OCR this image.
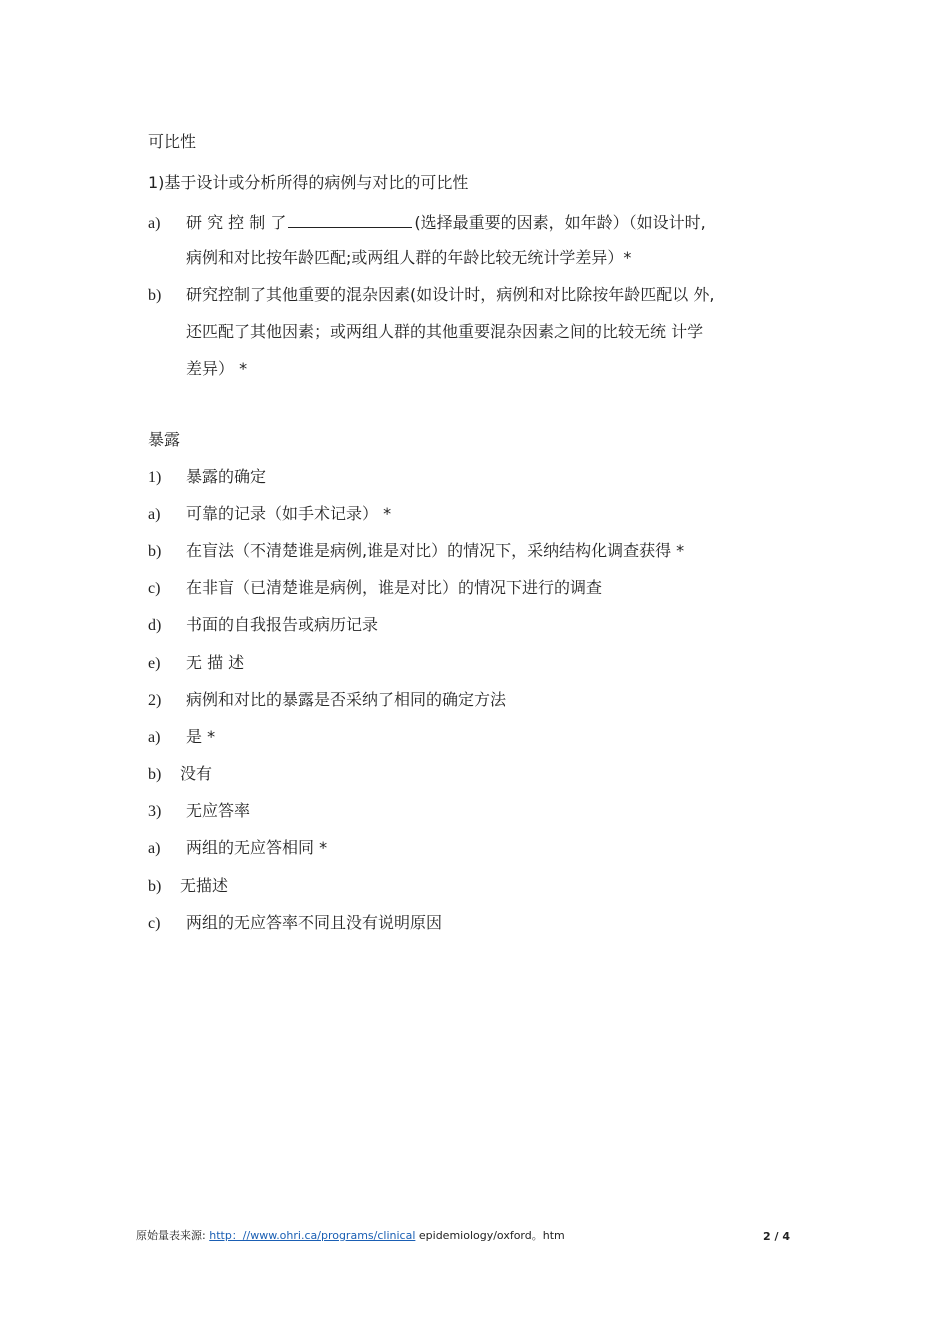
可比性
1)基于设计或分析所得的病例与对比的可比性
a) 研 究 控 制 了	(选择最重要的因素，如年龄）（如设计时,
病例和对比按年龄匹配;或两组人群的年龄比较无统计学差异）*
b) 研究控制了其他重要的混杂因素(如设计时，病例和对比除按年龄匹配以 外,
还匹配了其他因素；或两组人群的其他重要混杂因素之间的比较无统 计学
差异） *
暴露
1) 暴露的确定
a) 可靠的记录（如手术记录） *
b) 在盲法（不清楚谁是病例,谁是对比）的情况下，采纳结构化调查获得 *
c) 在非盲（已清楚谁是病例，谁是对比）的情况下进行的调查
d) 书面的自我报告或病历记录
e) 无 描 述
2) 病例和对比的暴露是否采纳了相同的确定方法
a) 是 *
b) 没有
3) 无应答率
a) 两组的无应答相同 *
b) 无描述
c) 两组的无应答率不同且没有说明原因
原始量表来源: http：//www.ohri.ca/programs/clinical epidemiology/oxford。htm	2 / 4
